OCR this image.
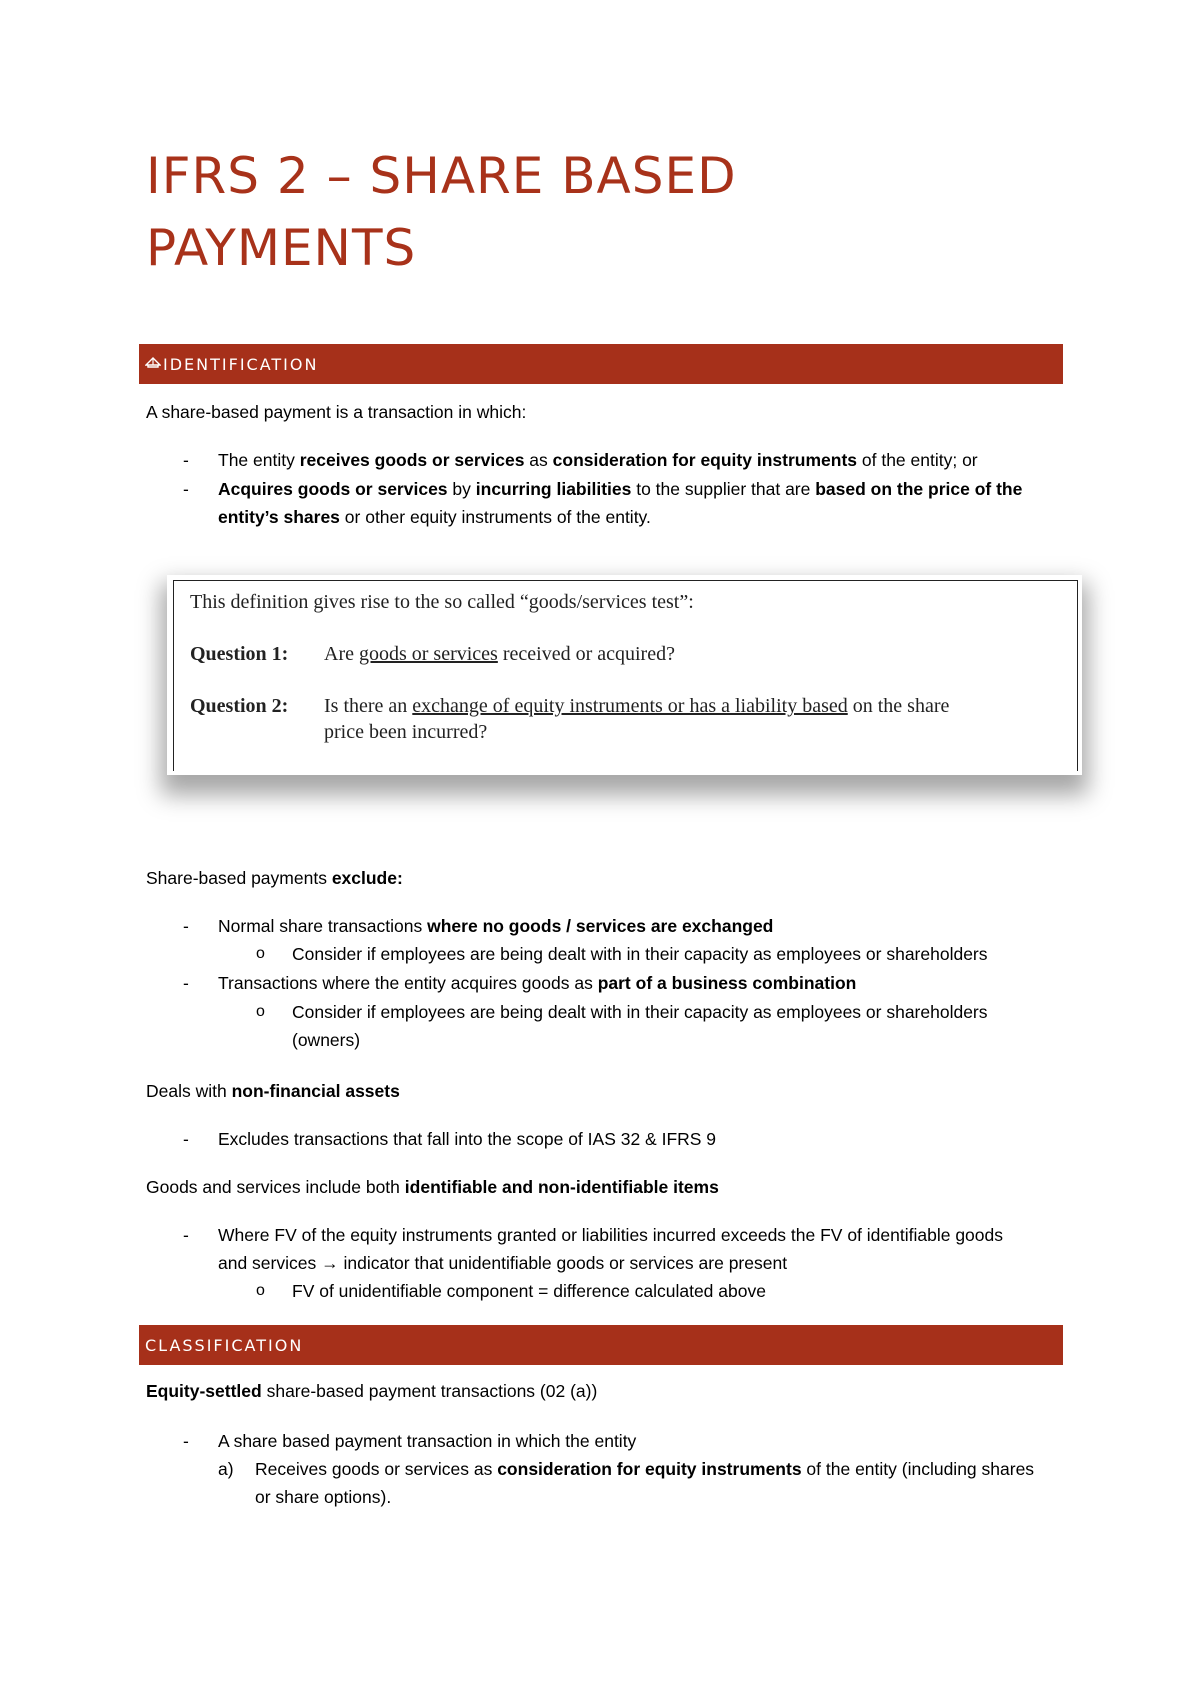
IFRS 2 – SHARE BASED
PAYMENTS
IDENTIFICATION

A share-based payment is a transaction in which:

- The entity receives goods or services as consideration for equity instruments of the entity; or

- Acquires goods or services by incurring liabilities to the supplier that are based on the price of the
entity’s shares or other equity instruments of the entity.

This definition gives rise to the so called “goods/services test”:
Question 1: Are goods or services received or acquired?
Question 2: Is there an exchange of equity instruments or has a liability based on the share
price been incurred?

Share-based payments exclude:

- Normal share transactions where no goods / services are exchanged

o Consider if employees are being dealt with in their capacity as employees or shareholders

- Transactions where the entity acquires goods as part of a business combination

o Consider if employees are being dealt with in their capacity as employees or shareholders
(owners)

Deals with non-financial assets

- Excludes transactions that fall into the scope of IAS 32 & IFRS 9

Goods and services include both identifiable and non-identifiable items

- Where FV of the equity instruments granted or liabilities incurred exceeds the FV of identifiable goods
and services → indicator that unidentifiable goods or services are present

o FV of unidentifiable component = difference calculated above

CLASSIFICATION

Equity-settled share-based payment transactions (02 (a))

- A share based payment transaction in which the entity

a) Receives goods or services as consideration for equity instruments of the entity (including shares
or share options).
